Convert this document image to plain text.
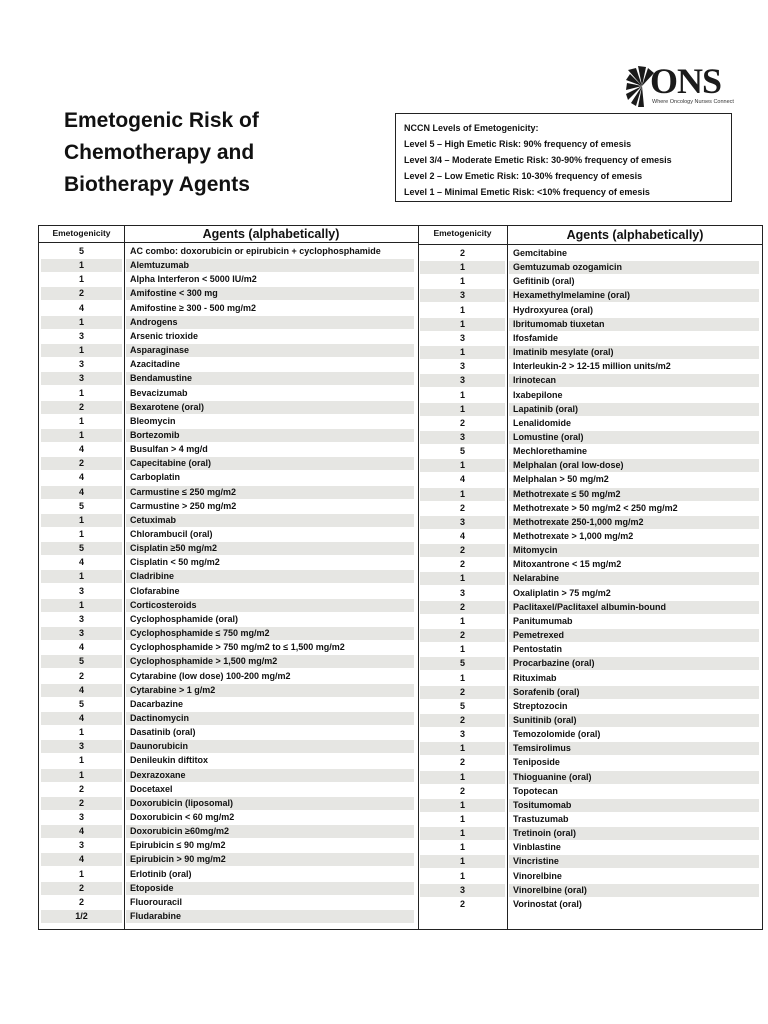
ONS
Where Oncology Nurses Connect
Emetogenic Risk of Chemotherapy and Biotherapy Agents
NCCN Levels of Emetogenicity:
Level 5 – High Emetic Risk: 90% frequency of emesis
Level 3/4 – Moderate Emetic Risk: 30-90% frequency of emesis
Level 2 – Low Emetic Risk: 10-30% frequency of emesis
Level 1 – Minimal Emetic Risk: <10% frequency of emesis
Emetogenicity	Agents (alphabetically)	Emetogenicity	Agents (alphabetically)
5	AC combo: doxorubicin or epirubicin + cyclophosphamide
1	Alemtuzumab
1	Alpha Interferon < 5000 IU/m2
2	Amifostine < 300 mg
4	Amifostine ≥ 300 - 500 mg/m2
1	Androgens
3	Arsenic trioxide
1	Asparaginase
3	Azacitadine
3	Bendamustine
1	Bevacizumab
2	Bexarotene (oral)
1	Bleomycin
1	Bortezomib
4	Busulfan > 4 mg/d
2	Capecitabine (oral)
4	Carboplatin
4	Carmustine ≤ 250 mg/m2
5	Carmustine > 250 mg/m2
1	Cetuximab
1	Chlorambucil (oral)
5	Cisplatin ≥50 mg/m2
4	Cisplatin < 50 mg/m2
1	Cladribine
3	Clofarabine
1	Corticosteroids
3	Cyclophosphamide (oral)
3	Cyclophosphamide ≤ 750 mg/m2
4	Cyclophosphamide > 750 mg/m2 to ≤ 1,500 mg/m2
5	Cyclophosphamide > 1,500 mg/m2
2	Cytarabine (low dose) 100-200 mg/m2
4	Cytarabine > 1 g/m2
5	Dacarbazine
4	Dactinomycin
1	Dasatinib (oral)
3	Daunorubicin
1	Denileukin diftitox
1	Dexrazoxane
2	Docetaxel
2	Doxorubicin (liposomal)
3	Doxorubicin < 60 mg/m2
4	Doxorubicin ≥60mg/m2
3	Epirubicin ≤ 90 mg/m2
4	Epirubicin > 90 mg/m2
1	Erlotinib (oral)
2	Etoposide
2	Fluorouracil
1/2	Fludarabine
2	Gemcitabine
1	Gemtuzumab ozogamicin
1	Gefitinib (oral)
3	Hexamethylmelamine (oral)
1	Hydroxyurea (oral)
1	Ibritumomab tiuxetan
3	Ifosfamide
1	Imatinib mesylate (oral)
3	Interleukin-2 > 12-15 million units/m2
3	Irinotecan
1	Ixabepilone
1	Lapatinib (oral)
2	Lenalidomide
3	Lomustine (oral)
5	Mechlorethamine
1	Melphalan (oral low-dose)
4	Melphalan > 50 mg/m2
1	Methotrexate ≤ 50 mg/m2
2	Methotrexate > 50 mg/m2 < 250 mg/m2
3	Methotrexate 250-1,000 mg/m2
4	Methotrexate > 1,000 mg/m2
2	Mitomycin
2	Mitoxantrone < 15 mg/m2
1	Nelarabine
3	Oxaliplatin > 75 mg/m2
2	Paclitaxel/Paclitaxel albumin-bound
1	Panitumumab
2	Pemetrexed
1	Pentostatin
5	Procarbazine (oral)
1	Rituximab
2	Sorafenib (oral)
5	Streptozocin
2	Sunitinib (oral)
3	Temozolomide (oral)
1	Temsirolimus
2	Teniposide
1	Thioguanine (oral)
2	Topotecan
1	Tositumomab
1	Trastuzumab
1	Tretinoin (oral)
1	Vinblastine
1	Vincristine
1	Vinorelbine
3	Vinorelbine (oral)
2	Vorinostat (oral)
